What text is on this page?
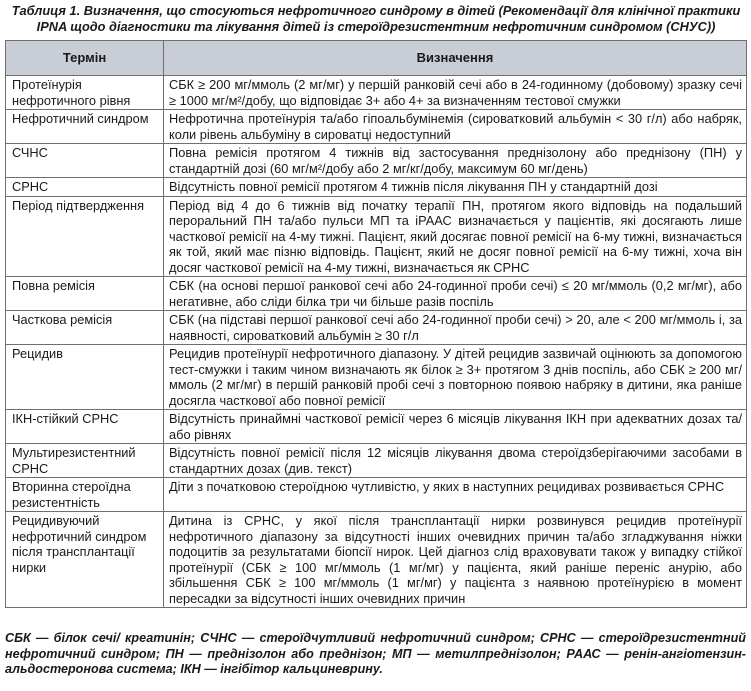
Таблиця 1. Визначення, що стосуються нефротичного синдрому в дітей (Рекомендації для клінічної практики IPNA щодо діагностики та лікування дітей із стероїдрезистентним нефротичним синдромом (СНУС))

Термін	Визначення
Протеїнурія нефротичного рівня	СБК ≥ 200 мг/ммоль (2 мг/мг) у першій ранковій сечі або в 24-годинному (добовому) зразку сечі ≥ 1000 мг/м²/добу, що відповідає 3+ або 4+ за визначенням тестової смужки
Нефротичний синдром	Нефротична протеїнурія та/або гіпоальбумінемія (сироватковий альбумін < 30 г/л) або набряк, коли рівень альбуміну в сироватці недоступний
СЧНС	Повна ремісія протягом 4 тижнів від застосування преднізолону або преднізону (ПН) у стандартній дозі (60 мг/м²/добу або 2 мг/кг/добу, максимум 60 мг/день)
СРНС	Відсутність повної ремісії протягом 4 тижнів після лікування ПН у стандартній дозі
Період підтвердження	Період від 4 до 6 тижнів від початку терапії ПН, протягом якого відповідь на подальший пероральний ПН та/або пульси МП та іРААС визначається у пацієнтів, які досягають лише часткової ремісії на 4-му тижні. Пацієнт, який досягає повної ремісії на 6-му тижні, визначається як той, який має пізню відповідь. Пацієнт, який не досяг повної ремісії на 6-му тижні, хоча він досяг часткової ремісії на 4-му тижні, визначається як СРНС
Повна ремісія	СБК (на основі першої ранкової сечі або 24-годинної проби сечі) ≤ 20 мг/ммоль (0,2 мг/мг), або негативне, або сліди білка три чи більше разів поспіль
Часткова ремісія	СБК (на підставі першої ранкової сечі або 24-годинної проби сечі) > 20, але < 200 мг/ммоль і, за наявності, сироватковий альбумін ≥ 30 г/л
Рецидив	Рецидив протеїнурії нефротичного діапазону. У дітей рецидив зазвичай оцінюють за допомогою тест-смужки і таким чином визначають як білок ≥ 3+ протягом 3 днів поспіль, або СБК ≥ 200 мг/ммоль (2 мг/мг) в першій ранковій пробі сечі з повторною появою набряку в дитини, яка раніше досягла часткової або повної ремісії
ІКН-стійкий СРНС	Відсутність принаймні часткової ремісії через 6 місяців лікування ІКН при адекватних дозах та/або рівнях
Мультирезистентний СРНС	Відсутність повної ремісії після 12 місяців лікування двома стероїдзберігаючими засобами в стандартних дозах (див. текст)
Вторинна стероїдна резистентність	Діти з початковою стероїдною чутливістю, у яких в наступних рецидивах розвивається СРНС
Рецидивуючий нефротичний синдром після трансплантації нирки	Дитина із СРНС, у якої після трансплантації нирки розвинувся рецидив протеїнурії нефротичного діапазону за відсутності інших очевидних причин та/або згладжування ніжки подоцитів за результатами біопсії нирок. Цей діагноз слід враховувати також у випадку стійкої протеїнурії (СБК ≥ 100 мг/ммоль (1 мг/мг) у пацієнта, який раніше переніс анурію, або збільшення СБК ≥ 100 мг/ммоль (1 мг/мг) у пацієнта з наявною протеїнурією в момент пересадки за відсутності інших очевидних причин

СБК — білок сечі/ креатинін; СЧНС — стероїдчутливий нефротичний синдром; СРНС — стероїдрезистентний нефротичний синдром; ПН — преднізолон або преднізон; МП — метилпреднізолон; РААС — ренін-ангіотензин-альдостеронова система; ІКН — інгібітор кальциневрину.
